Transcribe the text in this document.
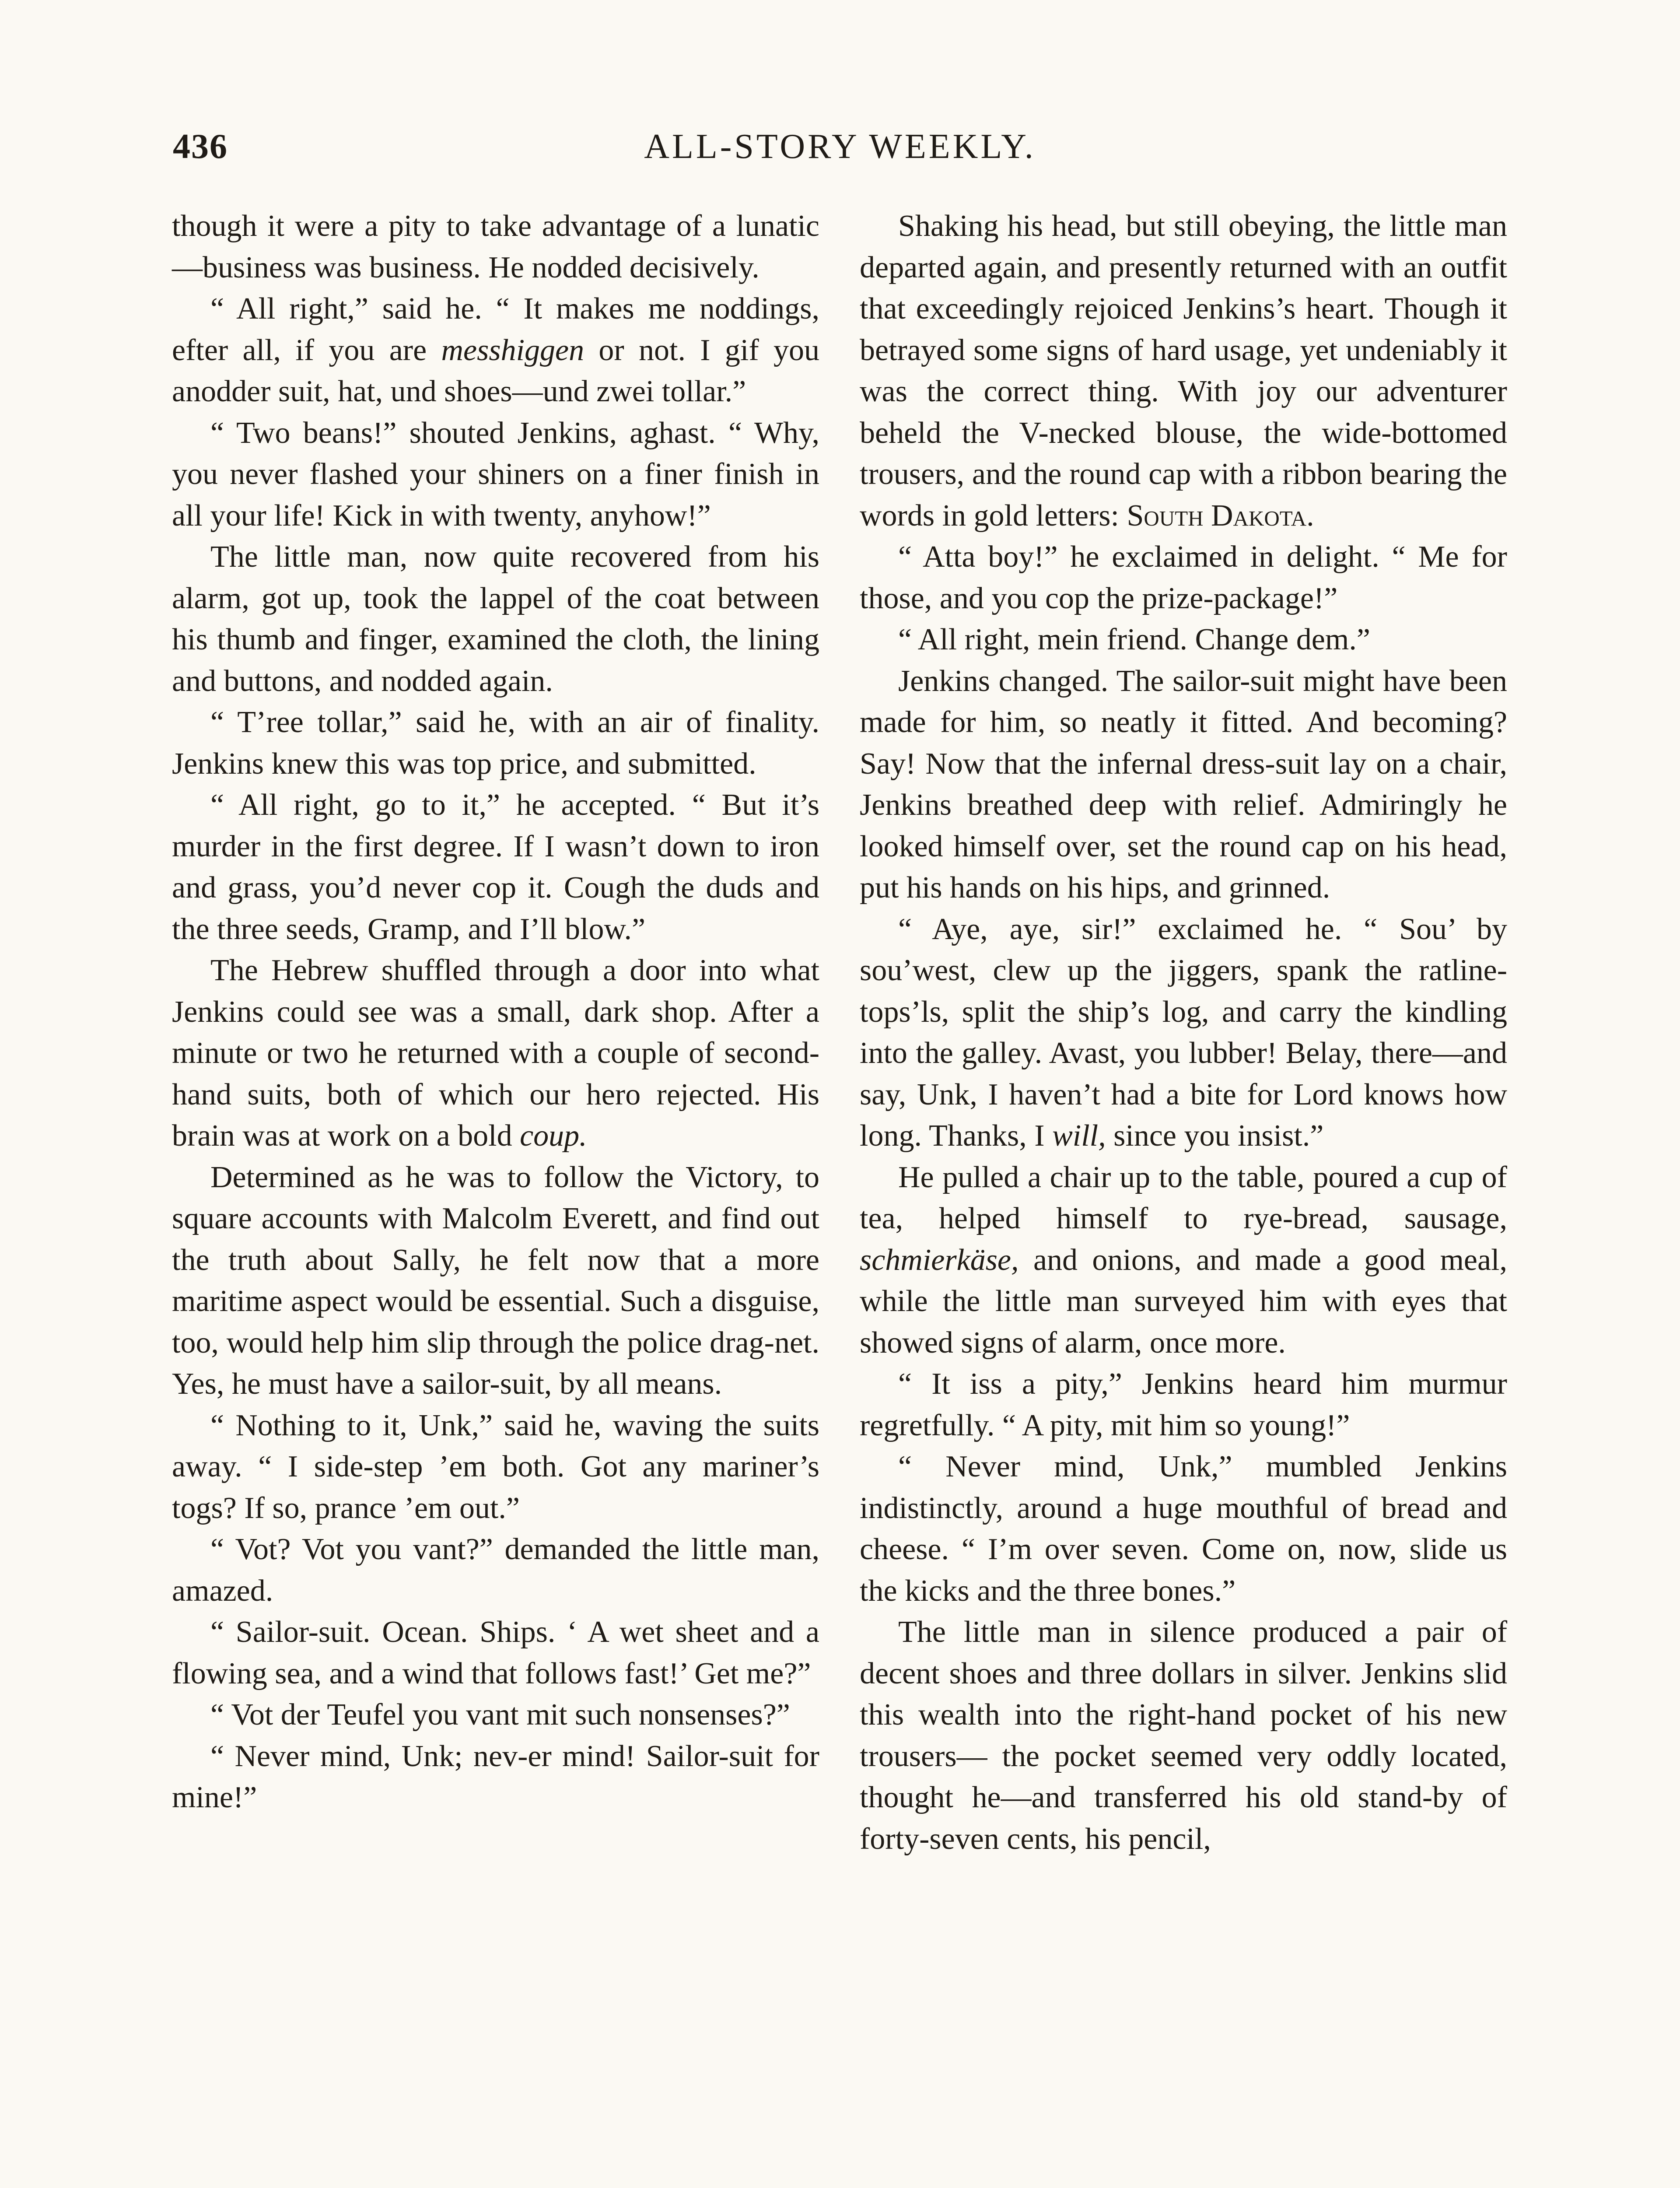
436	ALL-STORY WEEKLY.

though it were a pity to take advantage of a lunatic—business was business. He nodded decisively.

“ All right,” said he. “ It makes me noddings, efter all, if you are messhiggen or not. I gif you anodder suit, hat, und shoes—und zwei tollar.”

“ Two beans!” shouted Jenkins, aghast. “ Why, you never flashed your shiners on a finer finish in all your life! Kick in with twenty, anyhow!”

The little man, now quite recovered from his alarm, got up, took the lappel of the coat between his thumb and finger, examined the cloth, the lining and buttons, and nodded again.

“ T’ree tollar,” said he, with an air of finality. Jenkins knew this was top price, and submitted.

“ All right, go to it,” he accepted. “ But it’s murder in the first degree. If I wasn’t down to iron and grass, you’d never cop it. Cough the duds and the three seeds, Gramp, and I’ll blow.”

The Hebrew shuffled through a door into what Jenkins could see was a small, dark shop. After a minute or two he returned with a couple of second-hand suits, both of which our hero rejected. His brain was at work on a bold coup.

Determined as he was to follow the Victory, to square accounts with Malcolm Everett, and find out the truth about Sally, he felt now that a more maritime aspect would be essential. Such a disguise, too, would help him slip through the police drag-net. Yes, he must have a sailor-suit, by all means.

“ Nothing to it, Unk,” said he, waving the suits away. “ I side-step ’em both. Got any mariner’s togs? If so, prance ’em out.”

“ Vot? Vot you vant?” demanded the little man, amazed.

“ Sailor-suit. Ocean. Ships. ‘ A wet sheet and a flowing sea, and a wind that follows fast!’ Get me?”

“ Vot der Teufel you vant mit such nonsenses?”

“ Never mind, Unk; nev-er mind! Sailor-suit for mine!”

Shaking his head, but still obeying, the little man departed again, and presently returned with an outfit that exceedingly rejoiced Jenkins’s heart. Though it betrayed some signs of hard usage, yet undeniably it was the correct thing. With joy our adventurer beheld the V-necked blouse, the wide-bottomed trousers, and the round cap with a ribbon bearing the words in gold letters: South Dakota.

“ Atta boy!” he exclaimed in delight. “ Me for those, and you cop the prize-package!”

“ All right, mein friend. Change dem.”

Jenkins changed. The sailor-suit might have been made for him, so neatly it fitted. And becoming? Say! Now that the infernal dress-suit lay on a chair, Jenkins breathed deep with relief. Admiringly he looked himself over, set the round cap on his head, put his hands on his hips, and grinned.

“ Aye, aye, sir!” exclaimed he. “ Sou’ by sou’west, clew up the jiggers, spank the ratline-tops’ls, split the ship’s log, and carry the kindling into the galley. Avast, you lubber! Belay, there—and say, Unk, I haven’t had a bite for Lord knows how long. Thanks, I will, since you insist.”

He pulled a chair up to the table, poured a cup of tea, helped himself to rye-bread, sausage, schmierkäse, and onions, and made a good meal, while the little man surveyed him with eyes that showed signs of alarm, once more.

“ It iss a pity,” Jenkins heard him murmur regretfully. “ A pity, mit him so young!”

“ Never mind, Unk,” mumbled Jenkins indistinctly, around a huge mouthful of bread and cheese. “ I’m over seven. Come on, now, slide us the kicks and the three bones.”

The little man in silence produced a pair of decent shoes and three dollars in silver. Jenkins slid this wealth into the right-hand pocket of his new trousers— the pocket seemed very oddly located, thought he—and transferred his old stand-by of forty-seven cents, his pencil,
